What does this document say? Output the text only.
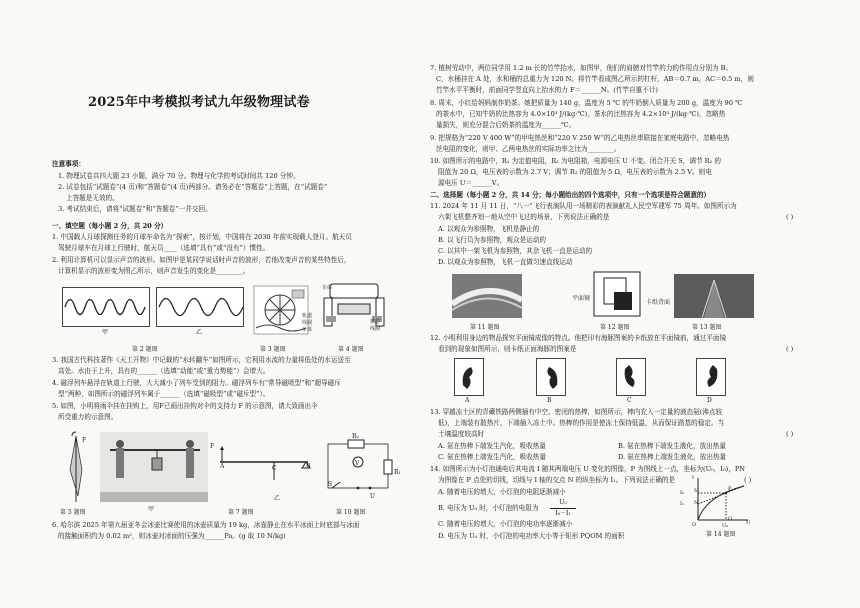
2025年中考模拟考试九年级物理试卷
注意事项：
1. 物理试卷共四大题 23 小题，满分 70 分。物理与化学的考试时间共 120 分钟。
2. 试卷包括“试题卷”(4 页)和“答题卷”(4 页)两部分。请务必在“答题卷”上答题，在“试题卷”
上答题是无效的。
3. 考试结束后，请将“试题卷”和“答题卷”一并交回。
一、填空题（每小题 2 分，共 20 分）
1. 中国载人月球探测任务的月球车命名为“探索”，按计划，中国将在 2030 年前实现载人登月。航天员
驾驶月球车在月球上行驶时，航天员____（选填“具有”或“没有”）惯性。
2. 利用计算机可以显示声音的波形。如图甲是某同学说话时声音的波形，若他改变声音的某些特性后，
计算机显示的波形变为图乙所示，则声音发生的变化是________。
甲	乙
车体
轨道
线圈
车体
铁芯
线圈
第 2 题图	第 3 题图	第 4 题图
3. 我国古代科技著作《天工开物》中记载的“水转翻车”如图所示，它利用水流的力量将低处的水运送至
高处。水由于上升，具有的______（选填“动能”或“重力势能”）会增大。
4. 磁浮列车悬浮在轨道上行驶，大大减小了列车受到的阻力。磁浮列车有“常导磁吸型”和“超导磁斥
型”两种，如图所示的磁浮列车属于______（选填“磁吸型”或“磁斥型”）。
5. 如图，小明将雨伞挂在挂钩上，用F已画出挂钩对伞的支持力 F 的示意图，请大致画出伞
所受重力的示意图。
F
甲
F
A	C	B
乙
R₂
V
R₁
S
U
第 5 题图	第 7 题图	第 10 题图
6. 哈尔滨 2025 年第九届亚冬会冰壶比赛使用的冰壶质量为 19 kg，冰壶静止在水平冰面上时底部与冰面
的接触面积约为 0.02 m²，则冰壶对冰面的压强为______Pa。(g 取 10 N/kg)
7. 植树劳动中，两位同学用 1.2 m 长的竹竿抬水，如图甲，他们的肩膀对竹竿的力的作用点分别为 B、
C，水桶挂在 A 处，水和桶的总重力为 120 N。将竹竿看成图乙所示的杠杆，AB＝0.7 m，AC＝0.5 m，则
竹竿水平平衡时，前面同学竖直向上抬水的力 F＝______N。(竹竿自重不计)
8. 周末，小红给妈妈制作奶茶。她把质量为 140 g，温度为 5 ℃ 的牛奶倒入质量为 200 g，温度为 90 ℃
的茶水中，已知牛奶的比热容为 4.0×10³ J/(kg·℃)，茶水的比热容为 4.2×10³ J/(kg·℃)，忽略热
量损失，则充分混合后奶茶的温度为______℃。
9. 把规格为“220 V 400 W”的甲电热丝和“220 V 250 W”的乙电热丝串联接在家庭电路中，忽略电热
丝电阻的变化，则甲、乙两电热丝的实际功率之比为________。
10. 如图所示的电路中，R₁ 为定值电阻，R₂ 为电阻箱，电源电压 U 不变。闭合开关 S，调节 R₂ 的
阻值为 20 Ω，电压表的示数为 2.7 V；调节 R₂ 的阻值为 5 Ω，电压表的示数为 2.5 V。则电
源电压 U＝______V。
二、选择题（每小题 2 分，共 14 分；每小题给出的四个选项中，只有一个选项是符合题意的）
11. 2024 年 11 月 11 日，“八一”飞行表演队用一场精彩的表演献礼人民空军建军 75 周年。如图所示为
六架飞机整齐划一地从空中飞过的场景，下列说法正确的是	( )
A. 以观众为参照物，飞机是静止的
B. 以飞行员为参照物，观众是运动的
C. 以其中一架飞机为参照物，其余飞机一直是运动的
D. 以观众为参照物，飞机一直做匀速直线运动
平面镜
卡纸背面
第 11 题图	第 12 题图	第 13 题图
12. 小明利用身边的物品探究平面镜成像的特点。他把印有海豚图案的卡纸放在平面镜前，通过平面镜
看到的现象如图所示，则卡纸正面海豚的图案是	( )
A	B	C	D
13. 穿越冻土区的青藏铁路两侧插有中空、密闭的热棒，如图所示，棒内充入一定量的液态氨(沸点较
低)，上端装有散热片，下端插入冻土中。热棒的作用是使冻土保持低温，从而保证路基的稳定。当
土壤温度较高时	( )
A. 氨在热棒下端发生汽化，吸收热量	B. 氨在热棒下端发生液化，放出热量
C. 氨在热棒上端发生汽化，吸收热量	D. 氨在热棒上端发生液化，放出热量
14. 如图所示为小灯泡通电后其电流 I 随其两端电压 U 变化的图像，P 为图线上一点，坐标为(U₀，I₀)，PN
为图像在 P 点处的切线，切线与 I 轴的交点 N 的纵坐标为 I₁。下列说法正确的是	( )
A. 随着电压的增大，小灯泡的电阻逐渐减小
B. 电压为 U₀ 时，小灯泡的电阻为 $\frac{\text{U₀}}{\text{I₀－I₁}}$
C. 随着电压的增大，小灯泡的电功率逐渐减小
D. 电压为 U₀ 时，小灯泡的电功率大小等于矩形 PQOM 的面积
I
I₀
I₁
M
N
P
O	U₀
Q
U
第 14 题图
